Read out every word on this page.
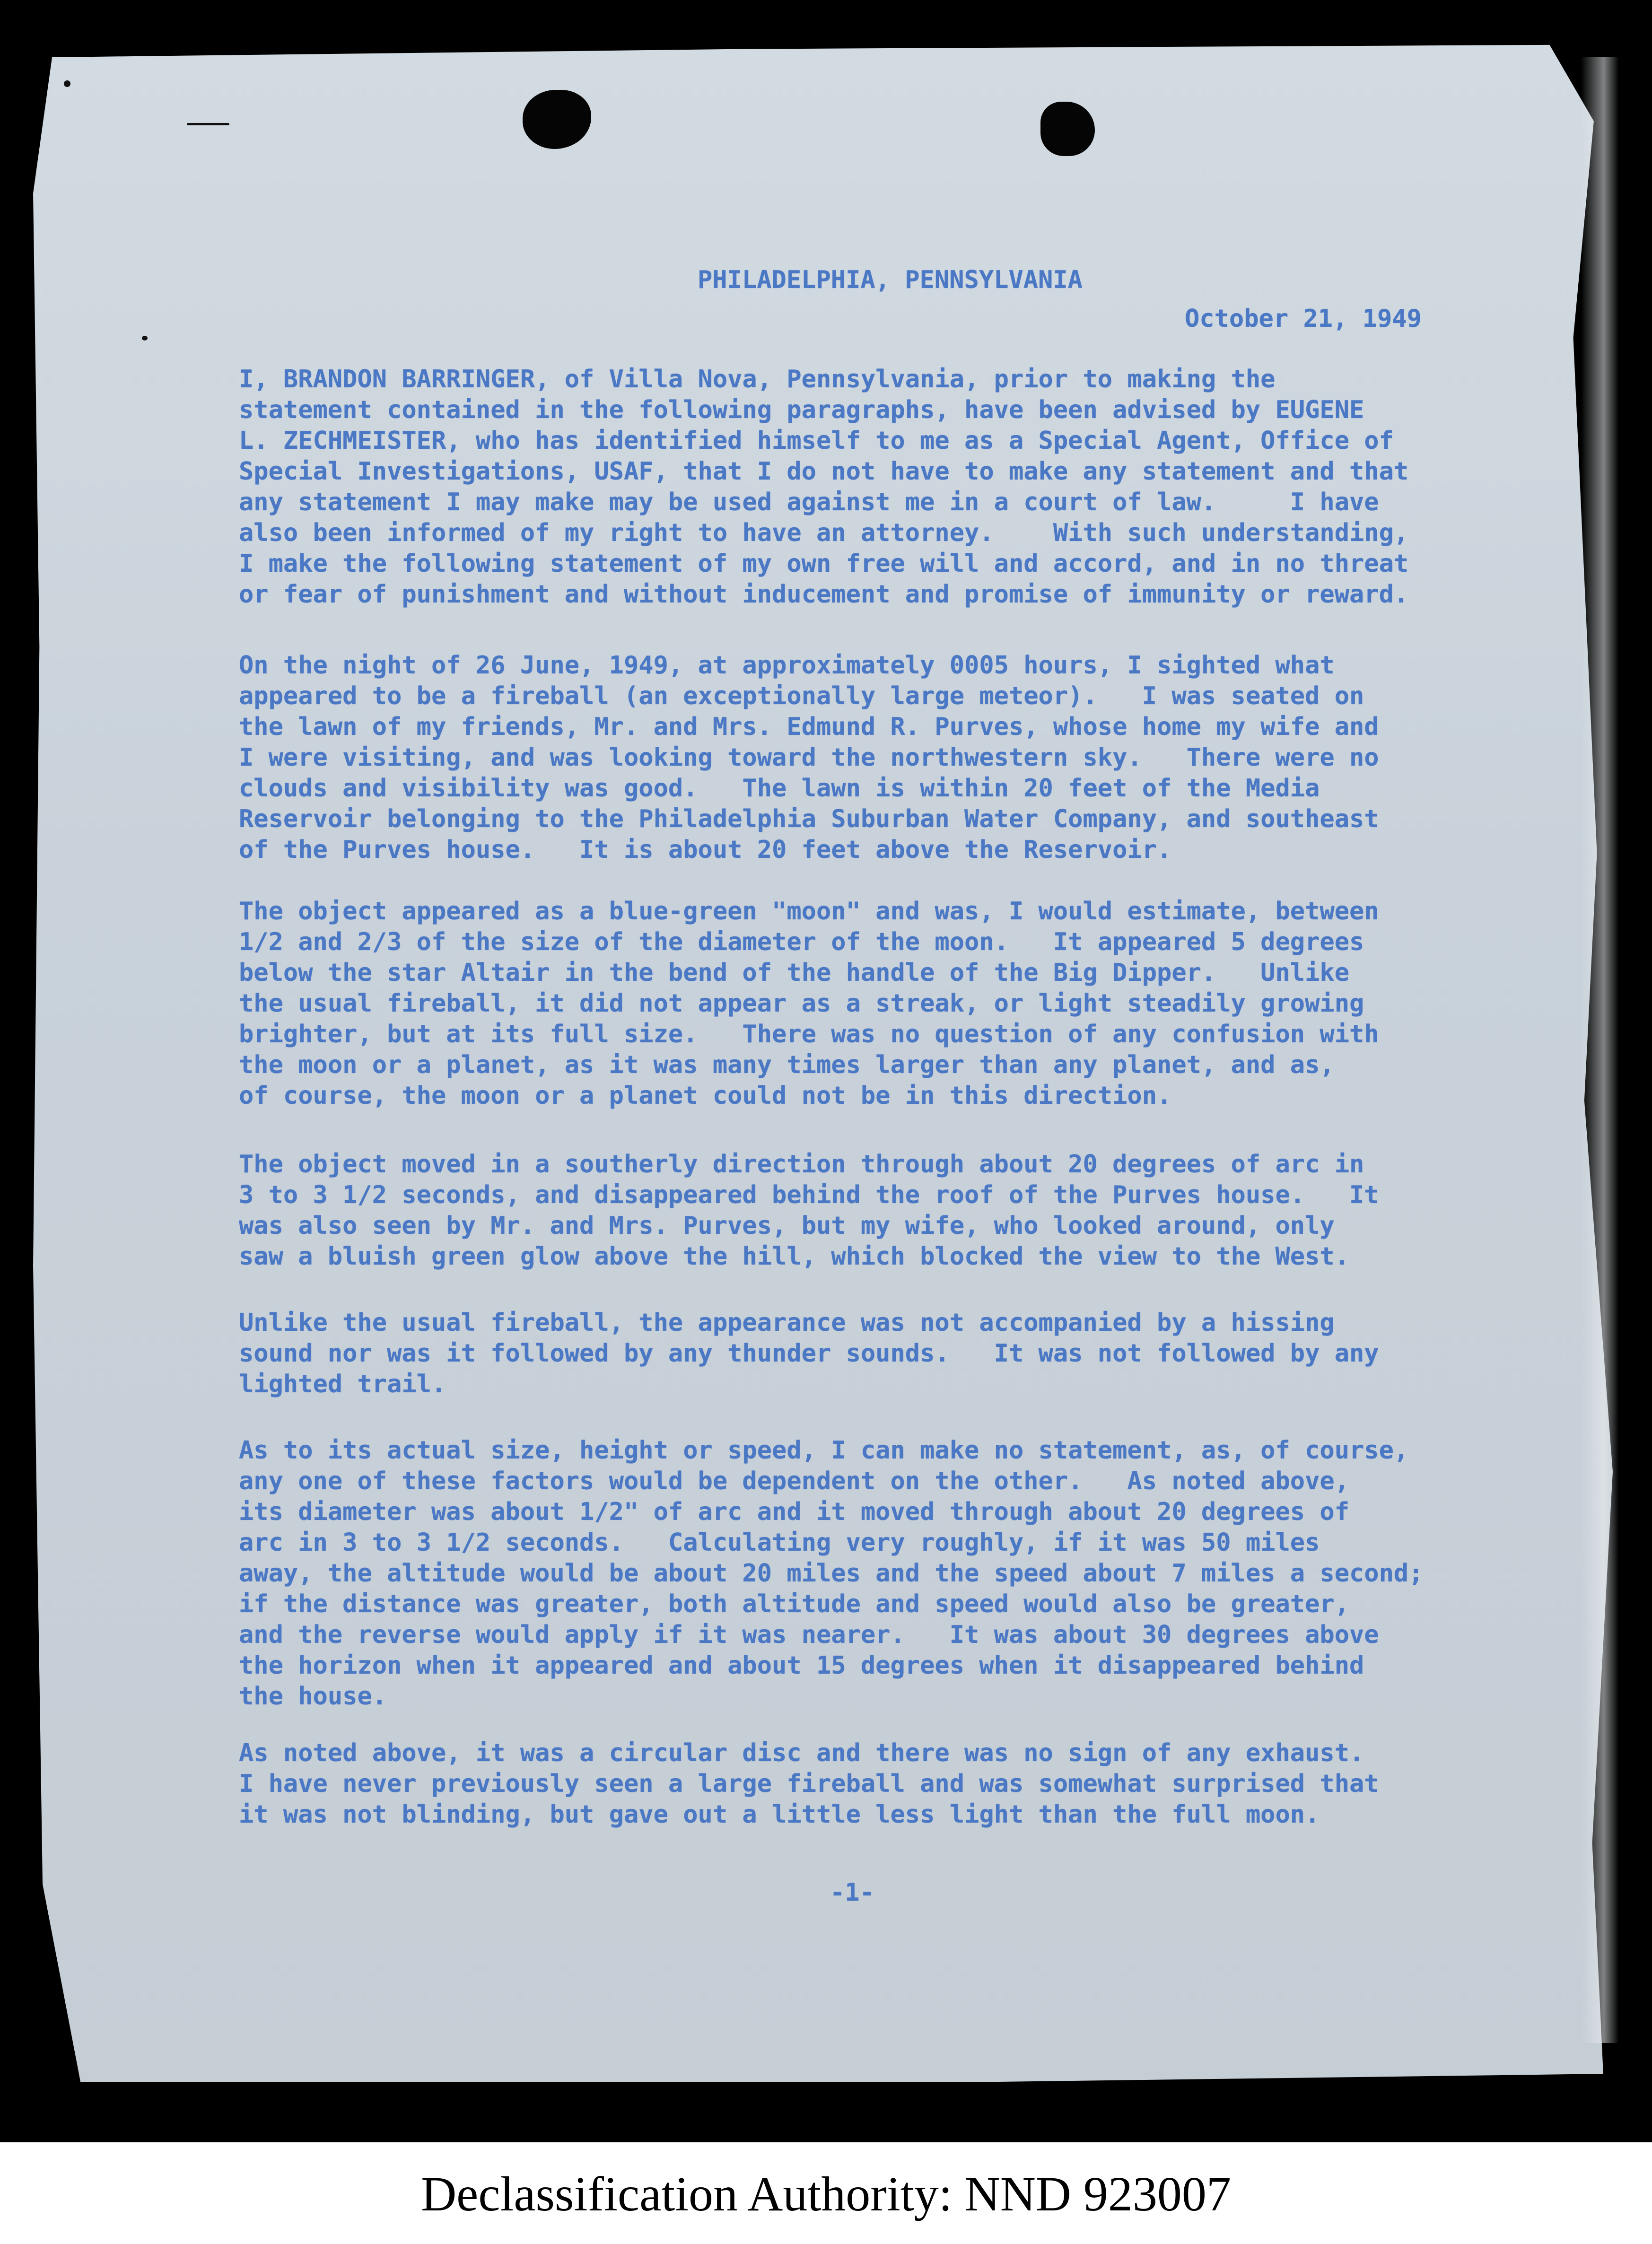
PHILADELPHIA, PENNSYLVANIA
October 21, 1949
I, BRANDON BARRINGER, of Villa Nova, Pennsylvania, prior to making the
statement contained in the following paragraphs, have been advised by EUGENE
L. ZECHMEISTER, who has identified himself to me as a Special Agent, Office of
Special Investigations, USAF, that I do not have to make any statement and that
any statement I may make may be used against me in a court of law.     I have
also been informed of my right to have an attorney.    With such understanding,
I make the following statement of my own free will and accord, and in no threat
or fear of punishment and without inducement and promise of immunity or reward.
On the night of 26 June, 1949, at approximately 0005 hours, I sighted what
appeared to be a fireball (an exceptionally large meteor).   I was seated on
the lawn of my friends, Mr. and Mrs. Edmund R. Purves, whose home my wife and
I were visiting, and was looking toward the northwestern sky.   There were no
clouds and visibility was good.   The lawn is within 20 feet of the Media
Reservoir belonging to the Philadelphia Suburban Water Company, and southeast
of the Purves house.   It is about 20 feet above the Reservoir.
The object appeared as a blue-green "moon" and was, I would estimate, between
1/2 and 2/3 of the size of the diameter of the moon.   It appeared 5 degrees
below the star Altair in the bend of the handle of the Big Dipper.   Unlike
the usual fireball, it did not appear as a streak, or light steadily growing
brighter, but at its full size.   There was no question of any confusion with
the moon or a planet, as it was many times larger than any planet, and as,
of course, the moon or a planet could not be in this direction.
The object moved in a southerly direction through about 20 degrees of arc in
3 to 3 1/2 seconds, and disappeared behind the roof of the Purves house.   It
was also seen by Mr. and Mrs. Purves, but my wife, who looked around, only
saw a bluish green glow above the hill, which blocked the view to the West.
Unlike the usual fireball, the appearance was not accompanied by a hissing
sound nor was it followed by any thunder sounds.   It was not followed by any
lighted trail.
As to its actual size, height or speed, I can make no statement, as, of course,
any one of these factors would be dependent on the other.   As noted above,
its diameter was about 1/2" of arc and it moved through about 20 degrees of
arc in 3 to 3 1/2 seconds.   Calculating very roughly, if it was 50 miles
away, the altitude would be about 20 miles and the speed about 7 miles a second;
if the distance was greater, both altitude and speed would also be greater,
and the reverse would apply if it was nearer.   It was about 30 degrees above
the horizon when it appeared and about 15 degrees when it disappeared behind
the house.
As noted above, it was a circular disc and there was no sign of any exhaust.
I have never previously seen a large fireball and was somewhat surprised that
it was not blinding, but gave out a little less light than the full moon.
-1-
Declassification Authority: NND 923007
